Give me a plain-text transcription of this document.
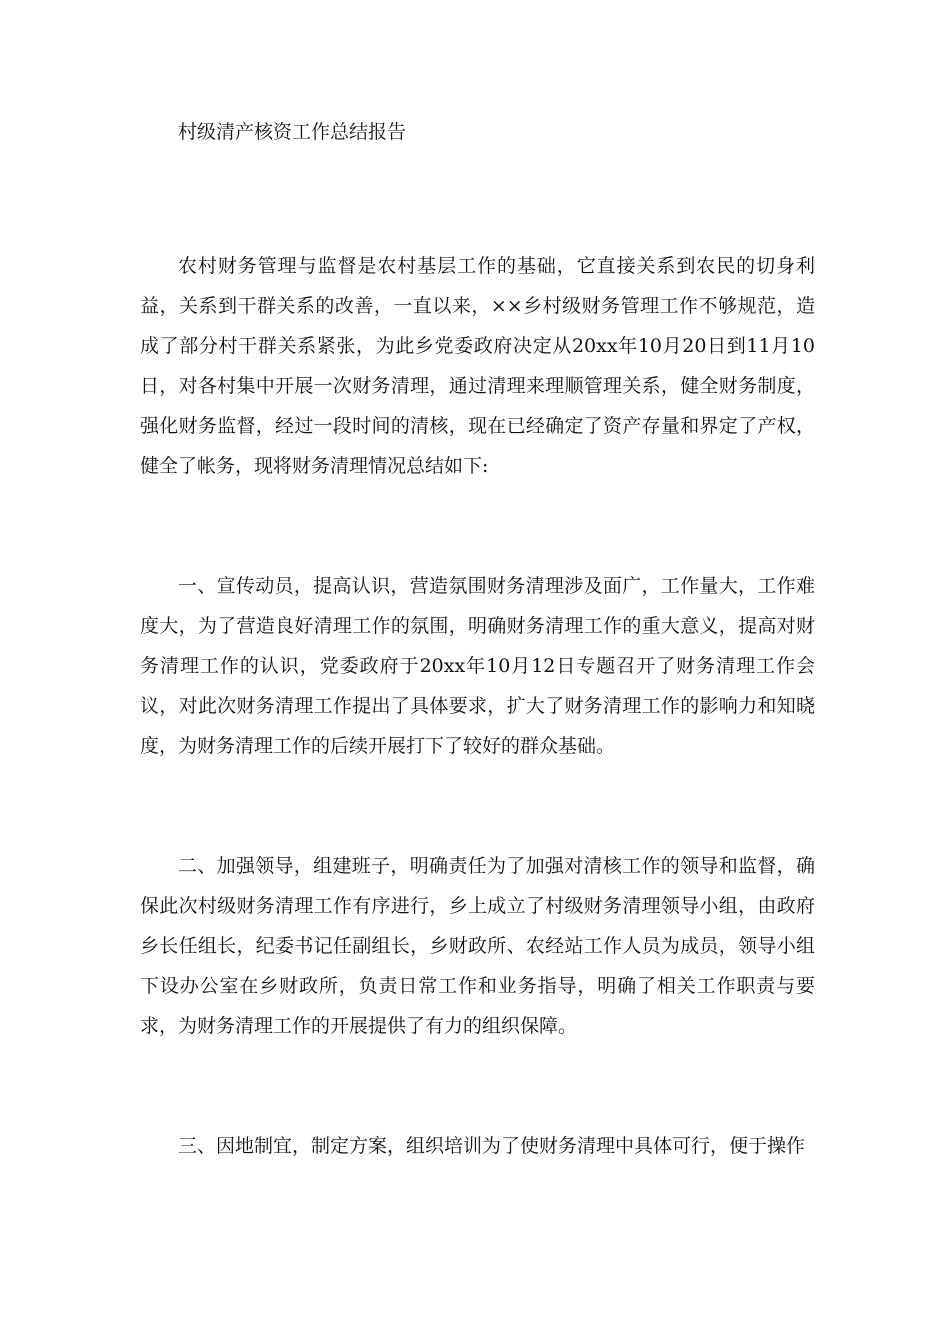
村级清产核资工作总结报告

农村财务管理与监督是农村基层工作的基础，它直接关系到农民的切身利益，关系到干群关系的改善，一直以来，××乡村级财务管理工作不够规范，造成了部分村干群关系紧张，为此乡党委政府决定从20xx年10月20日到11月10日，对各村集中开展一次财务清理，通过清理来理顺管理关系，健全财务制度，强化财务监督，经过一段时间的清核，现在已经确定了资产存量和界定了产权，健全了帐务，现将财务清理情况总结如下:

一、宣传动员，提高认识，营造氛围财务清理涉及面广，工作量大，工作难度大，为了营造良好清理工作的氛围，明确财务清理工作的重大意义，提高对财务清理工作的认识，党委政府于20xx年10月12日专题召开了财务清理工作会议，对此次财务清理工作提出了具体要求，扩大了财务清理工作的影响力和知晓度，为财务清理工作的后续开展打下了较好的群众基础。

二、加强领导，组建班子，明确责任为了加强对清核工作的领导和监督，确保此次村级财务清理工作有序进行，乡上成立了村级财务清理领导小组，由政府乡长任组长，纪委书记任副组长，乡财政所、农经站工作人员为成员，领导小组下设办公室在乡财政所，负责日常工作和业务指导，明确了相关工作职责与要求，为财务清理工作的开展提供了有力的组织保障。

三、因地制宜，制定方案，组织培训为了使财务清理中具体可行，便于操作
